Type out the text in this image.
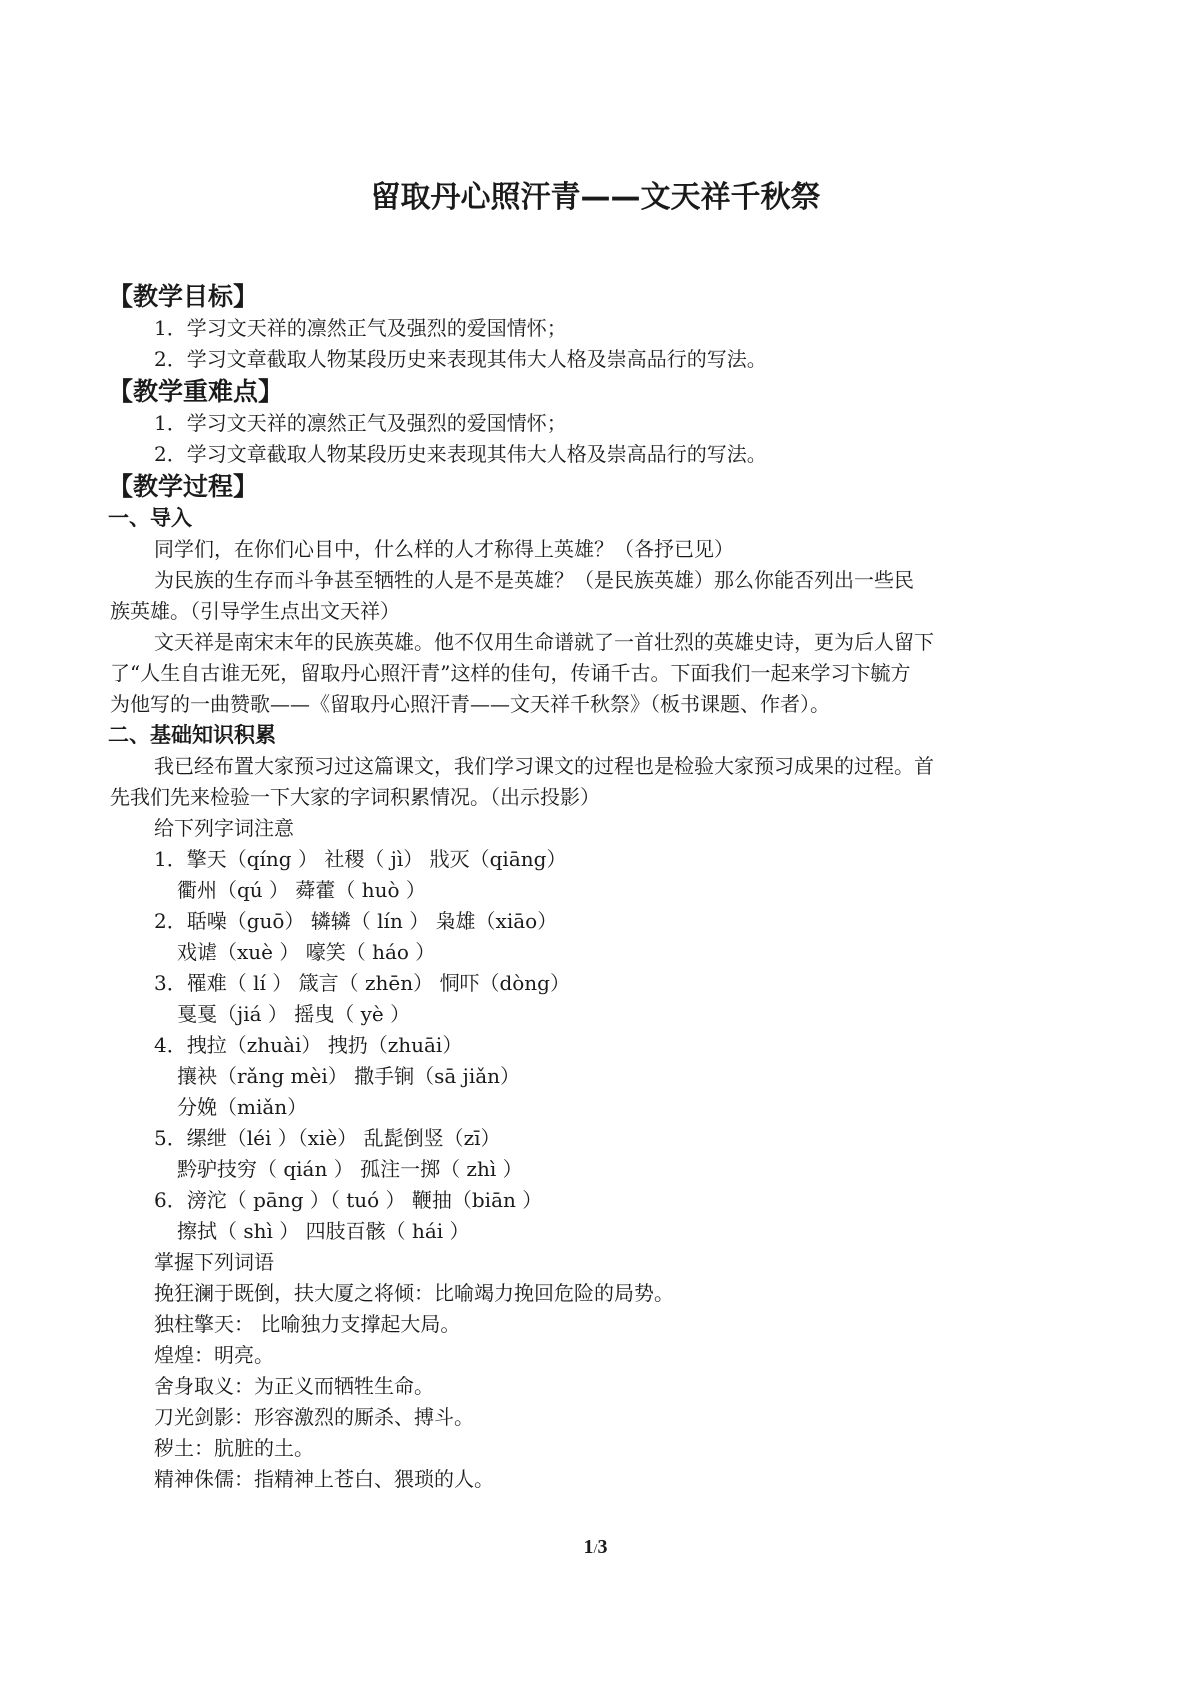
留取丹心照汗青——文天祥千秋祭
【教学目标】
1．学习文天祥的凛然正气及强烈的爱国情怀；
2．学习文章截取人物某段历史来表现其伟大人格及崇高品行的写法。
【教学重难点】
1．学习文天祥的凛然正气及强烈的爱国情怀；
2．学习文章截取人物某段历史来表现其伟大人格及崇高品行的写法。
【教学过程】
一、导入
同学们，在你们心目中，什么样的人才称得上英雄？（各抒已见）
为民族的生存而斗争甚至牺牲的人是不是英雄？（是民族英雄）那么你能否列出一些民
族英雄。（引导学生点出文天祥）
文天祥是南宋末年的民族英雄。他不仅用生命谱就了一首壮烈的英雄史诗，更为后人留下
了“人生自古谁无死，留取丹心照汗青”这样的佳句，传诵千古。下面我们一起来学习卞毓方
为他写的一曲赞歌——《留取丹心照汗青——文天祥千秋祭》（板书课题、作者）。
二、基础知识积累
我已经布置大家预习过这篇课文，我们学习课文的过程也是检验大家预习成果的过程。首
先我们先来检验一下大家的字词积累情况。（出示投影）
给下列字词注意
1．擎天（qíng ） 社稷（ jì） 戕灭（qiāng）
衢州（qú ） 蕣藿（ huò ）
2．聒噪（guō） 辚辚（ lín ） 枭雄（xiāo）
戏谑（xuè ） 嚎笑（ háo ）
3．罹难（ lí ） 箴言（ zhēn） 恫吓（dòng）
戛戛（jiá ） 摇曳（ yè ）
4．拽拉（zhuài） 拽扔（zhuāi）
攘袂（rǎng mèi） 撒手锏（sā jiǎn）
分娩（miǎn）
5．缧绁（léi ）（xiè） 乱髭倒竖（zī）
黔驴技穷（ qián ） 孤注一掷（ zhì ）
6．滂沱（ pāng ）（ tuó ） 鞭抽（biān ）
擦拭（ shì ） 四肢百骸（ hái ）
掌握下列词语
挽狂澜于既倒，扶大厦之将倾：比喻竭力挽回危险的局势。
独柱擎天： 比喻独力支撑起大局。
煌煌：明亮。
舍身取义：为正义而牺牲生命。
刀光剑影：形容激烈的厮杀、搏斗。
秽土：肮脏的土。
精神侏儒：指精神上苍白、猥琐的人。
1/3
